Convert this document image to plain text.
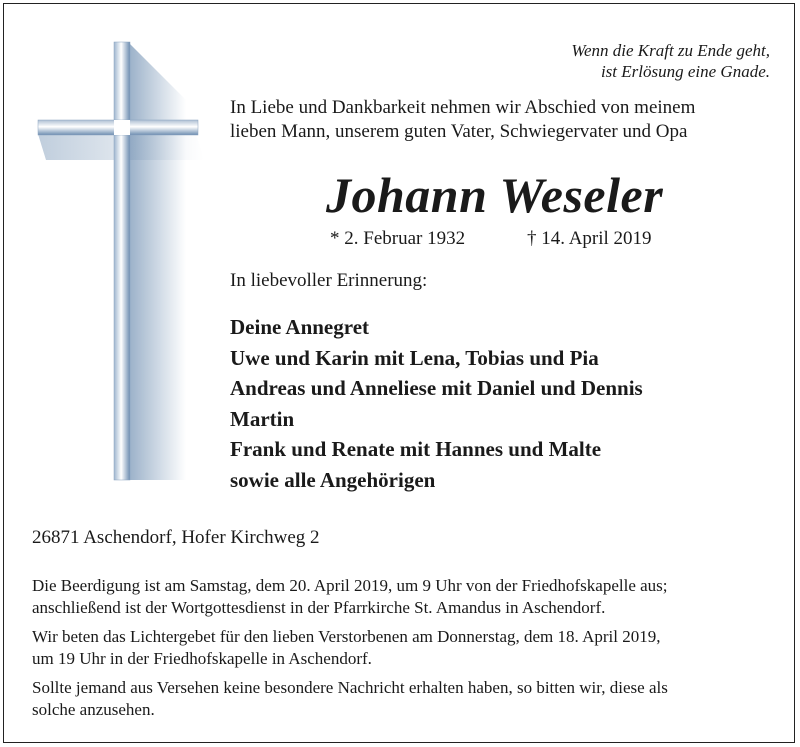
Wenn die Kraft zu Ende geht,
ist Erlösung eine Gnade.
In Liebe und Dankbarkeit nehmen wir Abschied von meinem
lieben Mann, unserem guten Vater, Schwiegervater und Opa
Johann Weseler
* 2. Februar 1932	† 14. April 2019
In liebevoller Erinnerung:
Deine Annegret
Uwe und Karin mit Lena, Tobias und Pia
Andreas und Anneliese mit Daniel und Dennis
Martin
Frank und Renate mit Hannes und Malte
sowie alle Angehörigen
26871 Aschendorf, Hofer Kirchweg 2

Die Beerdigung ist am Samstag, dem 20. April 2019, um 9 Uhr von der Friedhofskapelle aus;
anschließend ist der Wortgottesdienst in der Pfarrkirche St. Amandus in Aschendorf.

Wir beten das Lichtergebet für den lieben Verstorbenen am Donnerstag, dem 18. April 2019,
um 19 Uhr in der Friedhofskapelle in Aschendorf.

Sollte jemand aus Versehen keine besondere Nachricht erhalten haben, so bitten wir, diese als
solche anzusehen.
